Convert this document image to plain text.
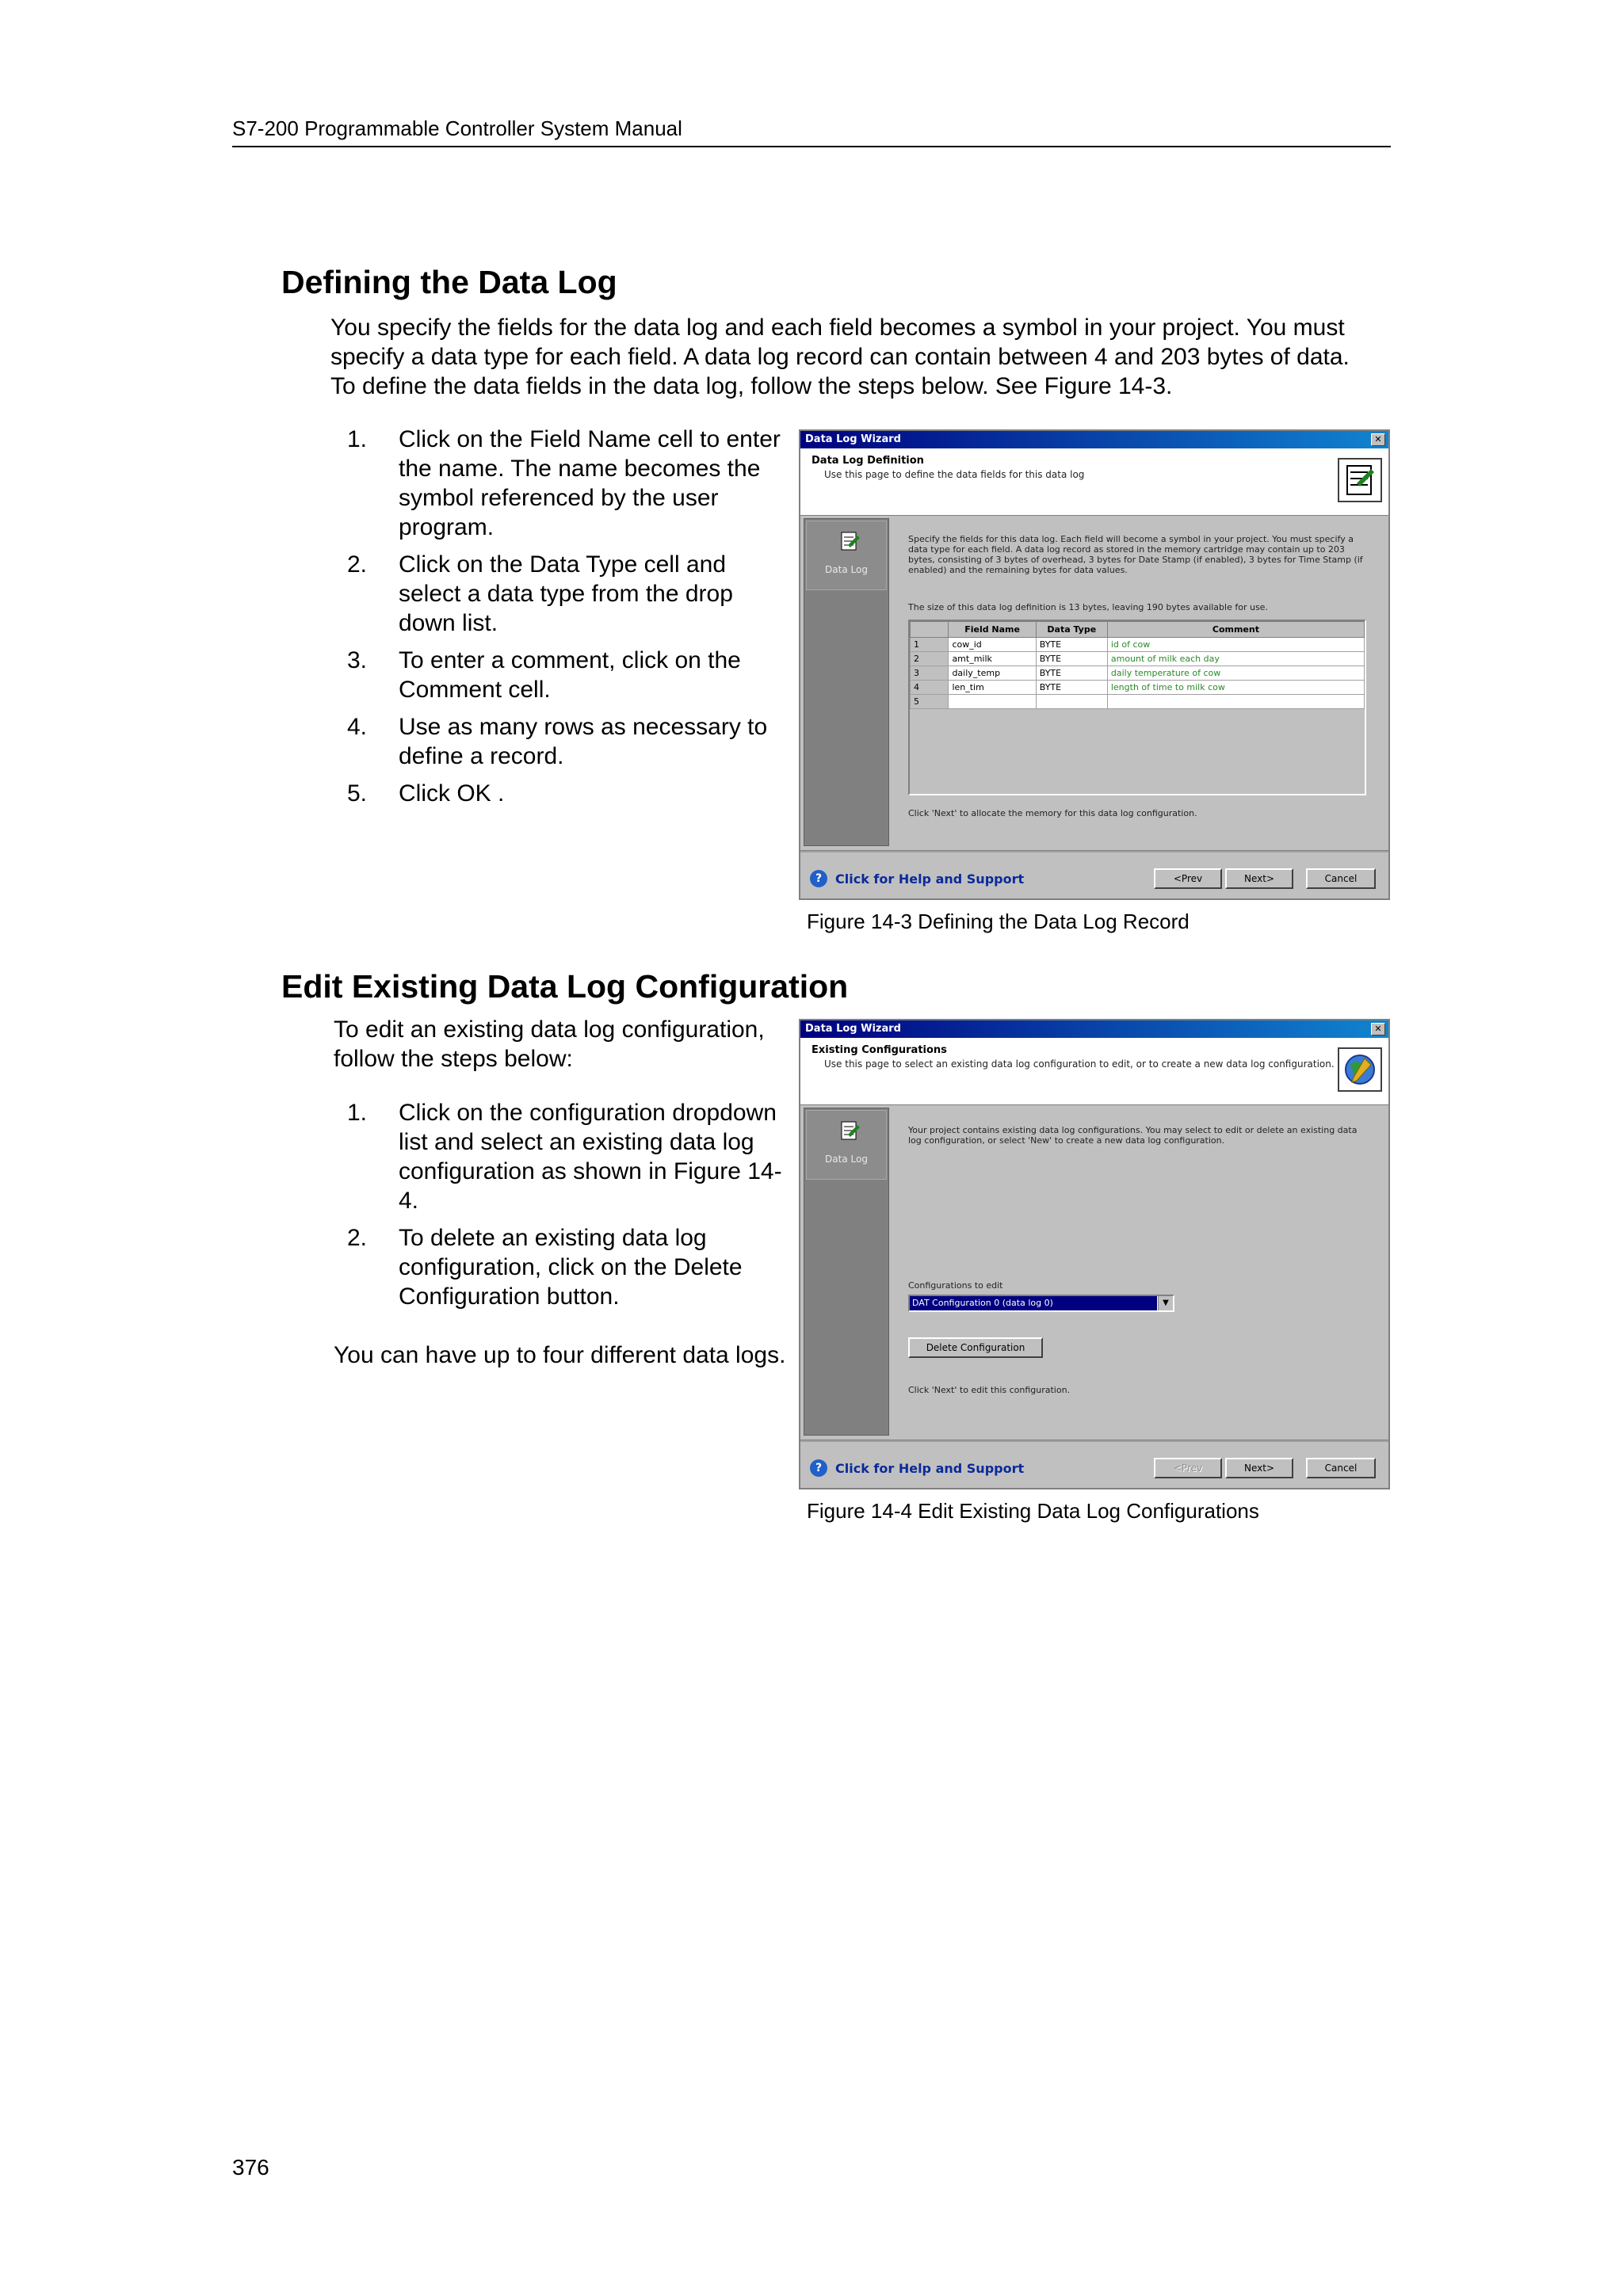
S7-200 Programmable Controller System Manual
Defining the Data Log

You specify the fields for the data log and each field becomes a symbol in your project. You must

specify a data type for each field. A data log record can contain between 4 and 203 bytes of data.

To define the data fields in the data log, follow the steps below. See Figure 14-3.

1.	Click on the Field Name cell to enter the name. The name becomes the symbol referenced by the user program.
2.	Click on the Data Type cell and select a data type from the drop down list.
3.	To enter a comment, click on the Comment cell.
4.	Use as many rows as necessary to define a record.
5.	Click OK .
Data Log Wizard	✕
Data Log Definition
Use this page to define the data fields for this data log
Data Log
Specify the fields for this data log. Each field will become a symbol in your project. You must specify a data type for each field. A data log record as stored in the memory cartridge may contain up to 203 bytes, consisting of 3 bytes of overhead, 3 bytes for Date Stamp (if enabled), 3 bytes for Time Stamp (if enabled) and the remaining bytes for data values.
The size of this data log definition is 13 bytes, leaving 190 bytes available for use.
	Field Name	Data Type	Comment
1	cow_id	BYTE	id of cow
2	amt_milk	BYTE	amount of milk each day
3	daily_temp	BYTE	daily temperature of cow
4	len_tim	BYTE	length of time to milk cow
5			
Click 'Next' to allocate the memory for this data log configuration.
?	Click for Help and Support	<Prev	Next>	Cancel
Figure 14-3 Defining the Data Log Record
Edit Existing Data Log Configuration
To edit an existing data log configuration, follow the steps below:
1.	Click on the configuration dropdown list and select an existing data log configuration as shown in Figure 14-4.
2.	To delete an existing data log configuration, click on the Delete Configuration button.
You can have up to four different data logs.
Data Log Wizard	✕
Existing Configurations
Use this page to select an existing data log configuration to edit, or to create a new data log configuration.
Data Log
Your project contains existing data log configurations. You may select to edit or delete an existing data log configuration, or select 'New' to create a new data log configuration.
Configurations to edit
DAT Configuration 0 (data log 0)	▼
Delete Configuration
Click 'Next' to edit this configuration.
?	Click for Help and Support	<Prev	Next>	Cancel
Figure 14-4 Edit Existing Data Log Configurations
376
